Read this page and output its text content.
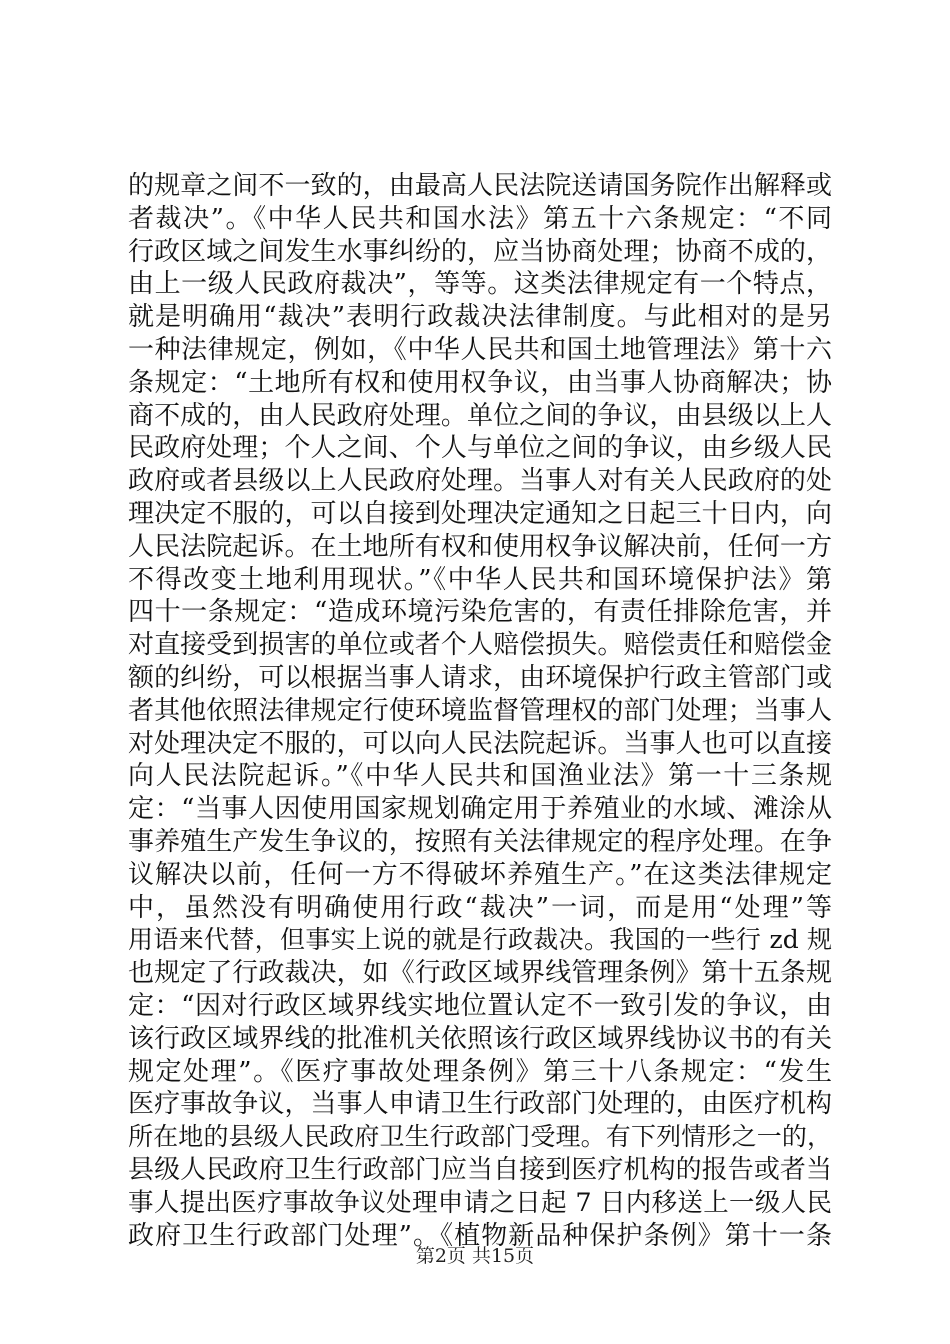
的规章之间不一致的，由最高人民法院送请国务院作出解释或
者裁决”。《中华人民共和国水法》第五十六条规定：“不同
行政区域之间发生水事纠纷的，应当协商处理；协商不成的，
由上一级人民政府裁决”，等等。这类法律规定有一个特点，
就是明确用“裁决”表明行政裁决法律制度。与此相对的是另
一种法律规定，例如，《中华人民共和国土地管理法》第十六
条规定：“土地所有权和使用权争议，由当事人协商解决；协
商不成的，由人民政府处理。单位之间的争议，由县级以上人
民政府处理；个人之间、个人与单位之间的争议，由乡级人民
政府或者县级以上人民政府处理。当事人对有关人民政府的处
理决定不服的，可以自接到处理决定通知之日起三十日内，向
人民法院起诉。在土地所有权和使用权争议解决前，任何一方
不得改变土地利用现状。”《中华人民共和国环境保护法》第
四十一条规定：“造成环境污染危害的，有责任排除危害，并
对直接受到损害的单位或者个人赔偿损失。赔偿责任和赔偿金
额的纠纷，可以根据当事人请求，由环境保护行政主管部门或
者其他依照法律规定行使环境监督管理权的部门处理；当事人
对处理决定不服的，可以向人民法院起诉。当事人也可以直接
向人民法院起诉。”《中华人民共和国渔业法》第一十三条规
定：“当事人因使用国家规划确定用于养殖业的水域、滩涂从
事养殖生产发生争议的，按照有关法律规定的程序处理。在争
议解决以前，任何一方不得破坏养殖生产。”在这类法律规定
中，虽然没有明确使用行政“裁决”一词，而是用“处理”等
用语来代替，但事实上说的就是行政裁决。我国的一些行 zd 规
也规定了行政裁决，如《行政区域界线管理条例》第十五条规
定：“因对行政区域界线实地位置认定不一致引发的争议，由
该行政区域界线的批准机关依照该行政区域界线协议书的有关
规定处理”。《医疗事故处理条例》第三十八条规定：“发生
医疗事故争议，当事人申请卫生行政部门处理的，由医疗机构
所在地的县级人民政府卫生行政部门受理。有下列情形之一的，
县级人民政府卫生行政部门应当自接到医疗机构的报告或者当
事人提出医疗事故争议处理申请之日起 7 日内移送上一级人民
政府卫生行政部门处理”。《植物新品种保护条例》第十一条
第2页 共15页
